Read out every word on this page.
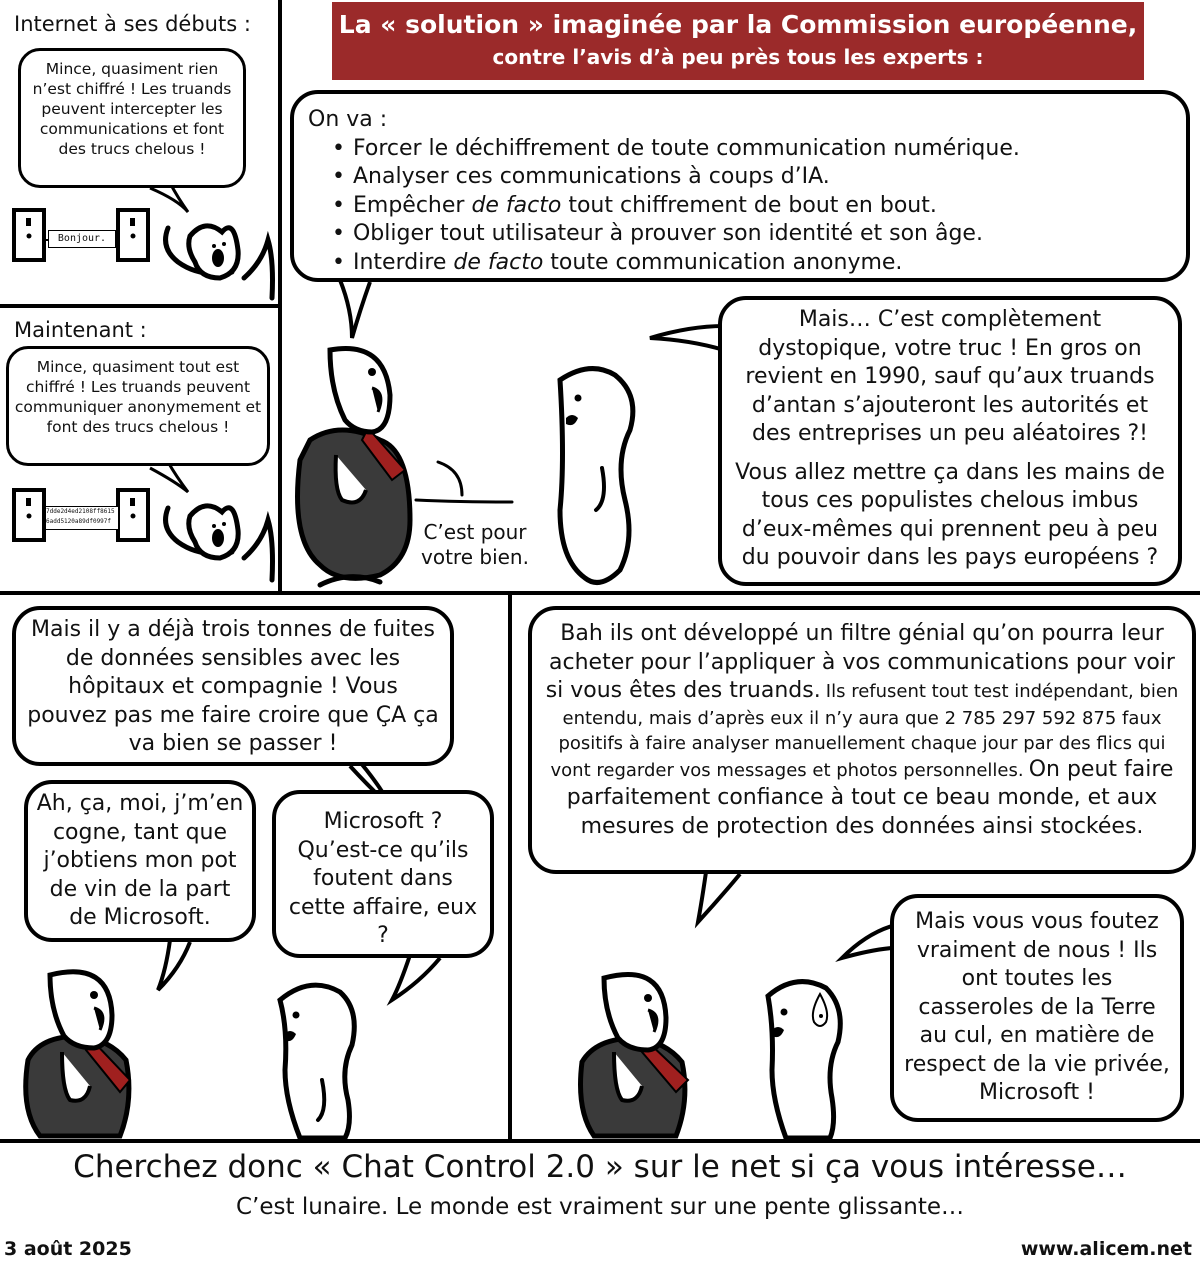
Internet à ses débuts :
Mince, quasiment rien n’est chiffré ! Les truands peuvent intercepter les communications et font des trucs chelous !
Bonjour.
Maintenant :
Mince, quasiment tout est chiffré ! Les truands peuvent communiquer anonymement et font des trucs chelous !
7dde2d4ed2108ff8615
6add5120a89df0997f
La « solution » imaginée par la Commission européenne,
contre l’avis d’à peu près tous les experts :
On va :
• Forcer le déchiffrement de toute communication numérique.
• Analyser ces communications à coups d’IA.
• Empêcher de facto tout chiffrement de bout en bout.
• Obliger tout utilisateur à prouver son identité et son âge.
• Interdire de facto toute communication anonyme.
Mais… C’est complètement dystopique, votre truc ! En gros on revient en 1990, sauf qu’aux truands d’antan s’ajouteront les autorités et des entreprises un peu aléatoires ?!
Vous allez mettre ça dans les mains de tous ces populistes chelous imbus d’eux-mêmes qui prennent peu à peu du pouvoir dans les pays européens ?
C’est pour votre bien.
Mais il y a déjà trois tonnes de fuites de données sensibles avec les hôpitaux et compagnie ! Vous pouvez pas me faire croire que ÇA ça va bien se passer !
Ah, ça, moi, j’m’en cogne, tant que j’obtiens mon pot de vin de la part de Microsoft.
Microsoft ? Qu’est-ce qu’ils foutent dans cette affaire, eux ?
Bah ils ont développé un filtre génial qu’on pourra leur acheter pour l’appliquer à vos communications pour voir si vous êtes des truands. Ils refusent tout test indépendant, bien entendu, mais d’après eux il n’y aura que 2 785 297 592 875 faux positifs à faire analyser manuellement chaque jour par des flics qui vont regarder vos messages et photos personnelles. On peut faire parfaitement confiance à tout ce beau monde, et aux mesures de protection des données ainsi stockées.
Mais vous vous foutez vraiment de nous ! Ils ont toutes les casseroles de la Terre au cul, en matière de respect de la vie privée, Microsoft !
Cherchez donc « Chat Control 2.0 » sur le net si ça vous intéresse…
C’est lunaire. Le monde est vraiment sur une pente glissante…
3 août 2025	www.alicem.net
